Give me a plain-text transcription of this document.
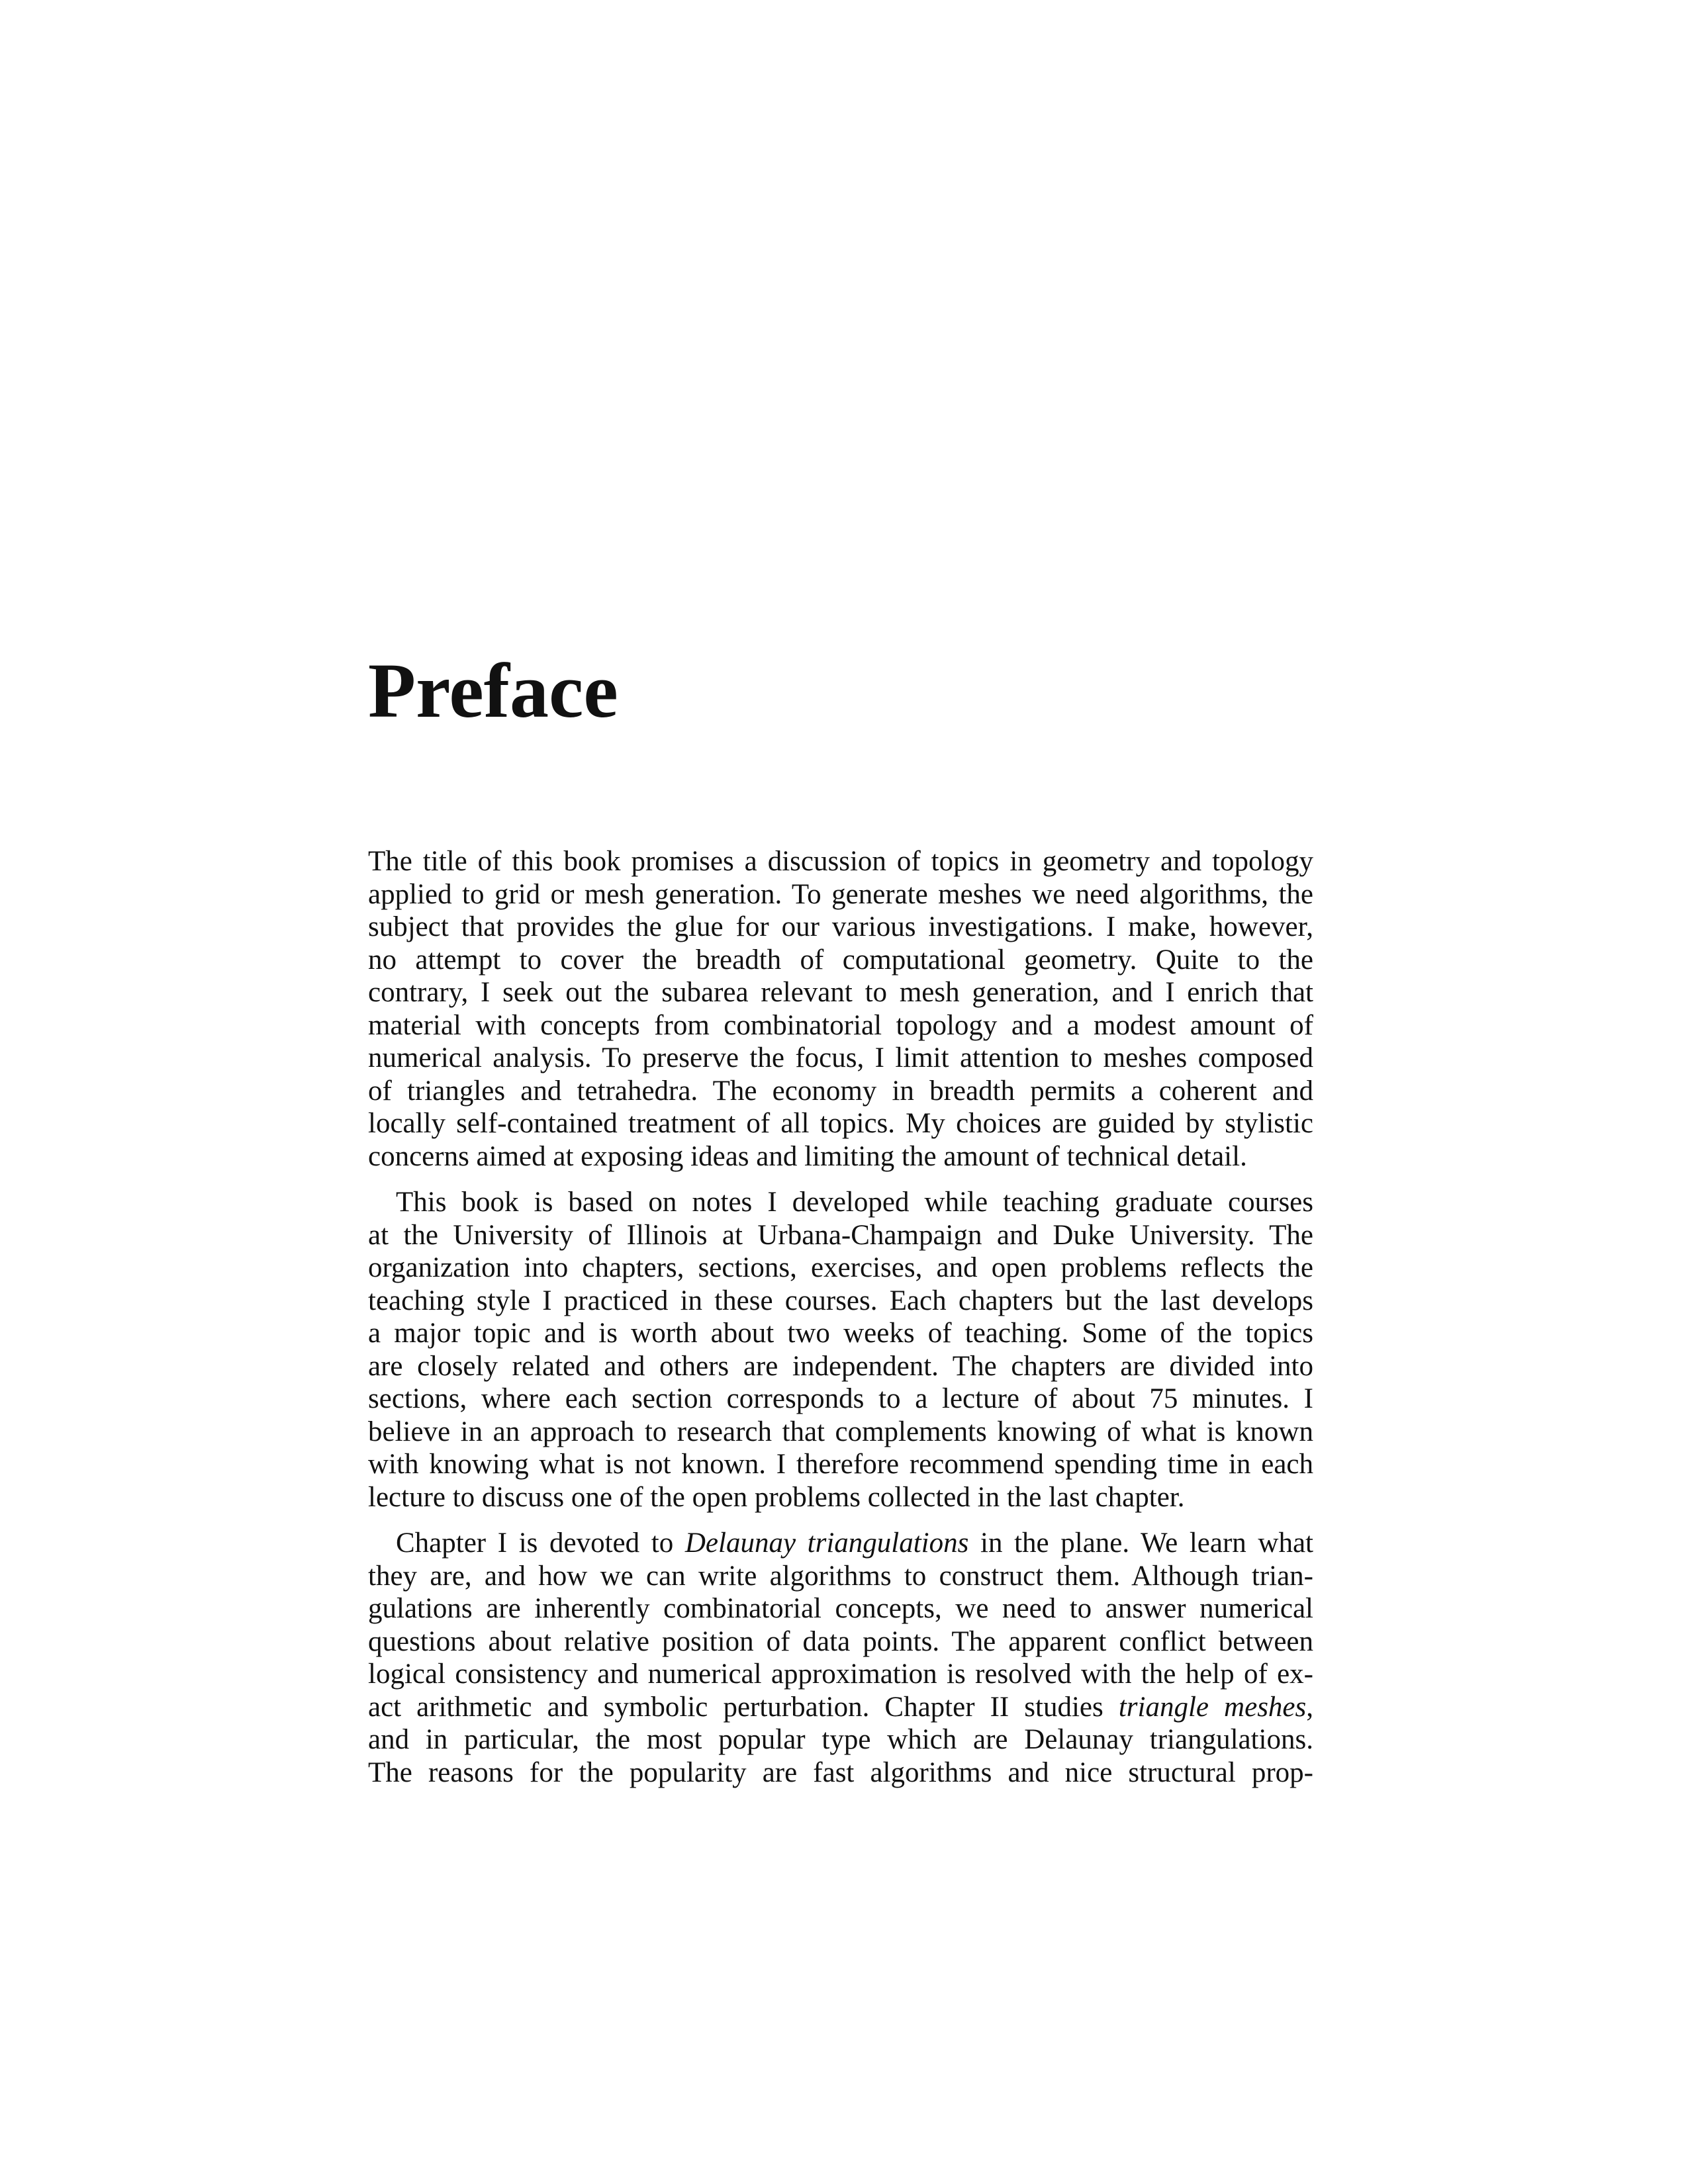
Preface

The title of this book promises a discussion of topics in geometry and topology
applied to grid or mesh generation. To generate meshes we need algorithms, the
subject that provides the glue for our various investigations. I make, however,
no attempt to cover the breadth of computational geometry. Quite to the
contrary, I seek out the subarea relevant to mesh generation, and I enrich that
material with concepts from combinatorial topology and a modest amount of
numerical analysis. To preserve the focus, I limit attention to meshes composed
of triangles and tetrahedra. The economy in breadth permits a coherent and
locally self-contained treatment of all topics. My choices are guided by stylistic
concerns aimed at exposing ideas and limiting the amount of technical detail.

This book is based on notes I developed while teaching graduate courses
at the University of Illinois at Urbana-Champaign and Duke University. The
organization into chapters, sections, exercises, and open problems reflects the
teaching style I practiced in these courses. Each chapters but the last develops
a major topic and is worth about two weeks of teaching. Some of the topics
are closely related and others are independent. The chapters are divided into
sections, where each section corresponds to a lecture of about 75 minutes. I
believe in an approach to research that complements knowing of what is known
with knowing what is not known. I therefore recommend spending time in each
lecture to discuss one of the open problems collected in the last chapter.

Chapter I is devoted to Delaunay triangulations in the plane. We learn what
they are, and how we can write algorithms to construct them. Although trian-
gulations are inherently combinatorial concepts, we need to answer numerical
questions about relative position of data points. The apparent conflict between
logical consistency and numerical approximation is resolved with the help of ex-
act arithmetic and symbolic perturbation. Chapter II studies triangle meshes,
and in particular, the most popular type which are Delaunay triangulations.
The reasons for the popularity are fast algorithms and nice structural prop-
